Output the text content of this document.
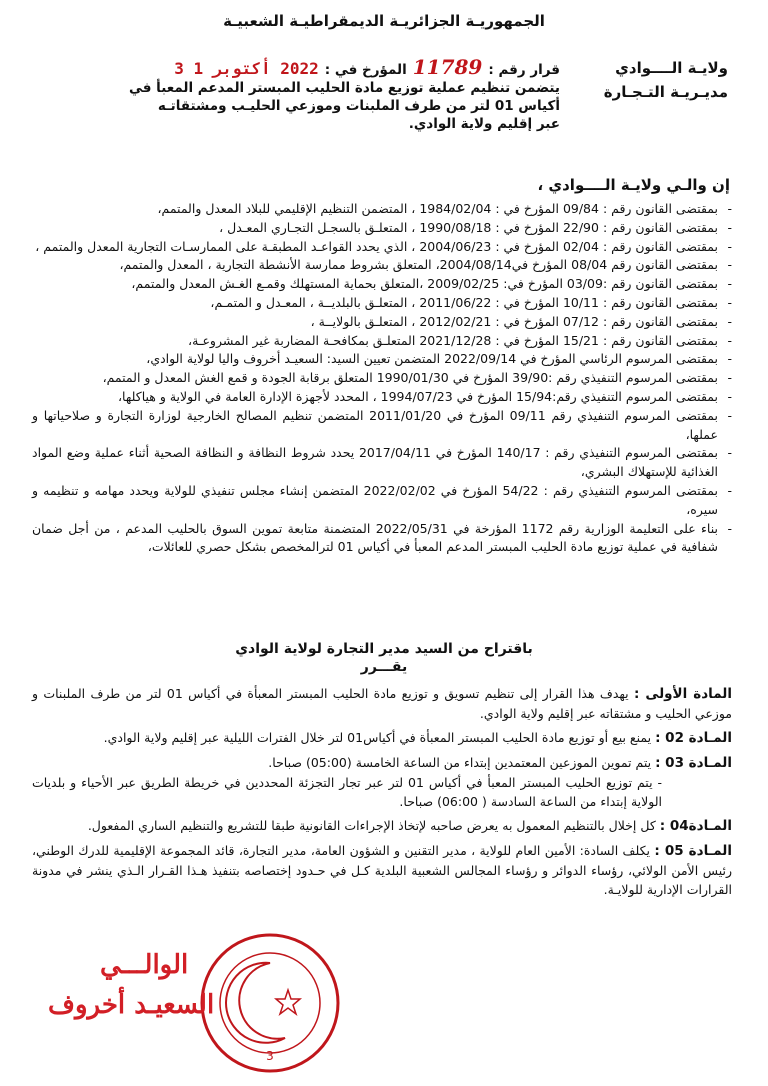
الجمهوريـة الجزائريـة الديمقراطيـة الشعبيـة
ولايـة الــــوادي
مديـريـة التـجـارة
قرار رقم :
11789
المؤرخ في :
2022 أكتوبر 1 3
يتضمن تنظيم عملية توزيع مادة الحليب المبستر المدعم المعبأ في
أكياس 01 لتر من طرف الملبنات وموزعي الحليـب ومشتقاتـه
عبر إقليم ولاية الوادي.
إن والـي ولايـة الــــوادي ،
- بمقتضى القانون رقم : 09/84 المؤرخ في : 1984/02/04 ، المتضمن التنظيم الإقليمي للبلاد المعدل والمتمم،
- بمقتضى القانون رقم : 22/90 المؤرخ في : 1990/08/18 ، المتعلـق بالسجـل التجـاري المعـدل ،
- بمقتضى القانون رقم : 02/04 المؤرخ في : 2004/06/23 ، الذي يحدد القواعـد المطبقـة على الممارسـات التجارية المعدل والمتمم ،
- بمقتضى القانون رقم 08/04 المؤرخ في2004/08/14، المتعلق بشروط ممارسة الأنشطة التجارية ، المعدل والمتمم،
- بمقتضى القانون رقم :03/09 المؤرخ في: 2009/02/25 ،المتعلق بحماية المستهلك وقمـع الغـش المعدل والمتمم،
- بمقتضى القانون رقم : 10/11 المؤرخ في : 2011/06/22 ، المتعلـق بالبلديــة ، المعـدل و المتمـم،
- بمقتضى القانون رقم : 07/12 المؤرخ في : 2012/02/21 ، المتعلـق بالولايــة ،
- بمقتضى القانون رقم : 15/21 المؤرخ في : 2021/12/28 المتعلـق بمكافحـة المضاربة غير المشروعـة،
- بمقتضى المرسوم الرئاسي المؤرخ في 2022/09/14 المتضمن تعيين السيد: السعيـد أخروف واليا لولاية الوادي،
- بمقتضى المرسوم التنفيذي رقم :39/90 المؤرخ في 1990/01/30 المتعلق برقابة الجودة و قمع الغش المعدل و المتمم،
- بمقتضى المرسوم التنفيذي رقم:15/94 المؤرخ في 1994/07/23 ، المحدد لأجهزة الإدارة العامة في الولاية و هياكلها،
- بمقتضى المرسوم التنفيذي رقم 09/11 المؤرخ في 2011/01/20 المتضمن تنظيم المصالح الخارجية لوزارة التجارة و صلاحياتها و عملها،
- بمقتضى المرسوم التنفيذي رقم : 140/17 المؤرخ في 2017/04/11 يحدد شروط النظافة و النظافة الصحية أثناء عملية وضع المواد الغذائية للإستهلاك البشري،
- بمقتضى المرسوم التنفيذي رقم : 54/22 المؤرخ في 2022/02/02 المتضمن إنشاء مجلس تنفيذي للولاية ويحدد مهامه و تنظيمه و سيره،
- بناء على التعليمة الوزارية رقم 1172 المؤرخة في 2022/05/31 المتضمنة متابعة تموين السوق بالحليب المدعم ، من أجل ضمان شفافية في عملية توزيع مادة الحليب المبستر المدعم المعبأ في أكياس 01 لترالمخصص بشكل حصري للعائلات،
باقتراح من السيد مدير التجارة لولاية الوادي
يقـــرر
المادة الأولى : يهدف هذا القرار إلى تنظيم تسويق و توزيع مادة الحليب المبستر المعبأة في أكياس 01 لتر من طرف الملبنات و موزعي الحليب و مشتقاته عبر إقليم ولاية الوادي.
المـادة 02 : يمنع بيع أو توزيع مادة الحليب المبستر المعبأة في أكياس01 لتر خلال الفترات الليلية عبر إقليم ولاية الوادي.
المـادة 03 : يتم تموين الموزعين المعتمدين إبتداء من الساعة الخامسة (05:00) صباحا.
- يتم توزيع الحليب المبستر المعبأ في أكياس 01 لتر عبر تجار التجزئة المحددين في خريطة الطريق عبر الأحياء و بلديات الولاية إبتداء من الساعة السادسة ( 06:00) صباحا.
المـادة04 : كل إخلال بالتنظيم المعمول به يعرض صاحبه لإتخاذ الإجراءات القانونية طبقا للتشريع والتنظيم الساري المفعول.
المـادة 05 : يكلف السادة: الأمين العام للولاية ، مدير التقنين و الشؤون العامة، مدير التجارة، قائد المجموعة الإقليمية للدرك الوطني، رئيس الأمن الولائي، رؤساء الدوائر و رؤساء المجالس الشعبية البلدية كـل في حـدود إختصاصه بتنفيذ هـذا القـرار الـذي ينشر في مدونة القرارات الإدارية للولايـة.
3
الوالـــي
السعيـد أخروف
